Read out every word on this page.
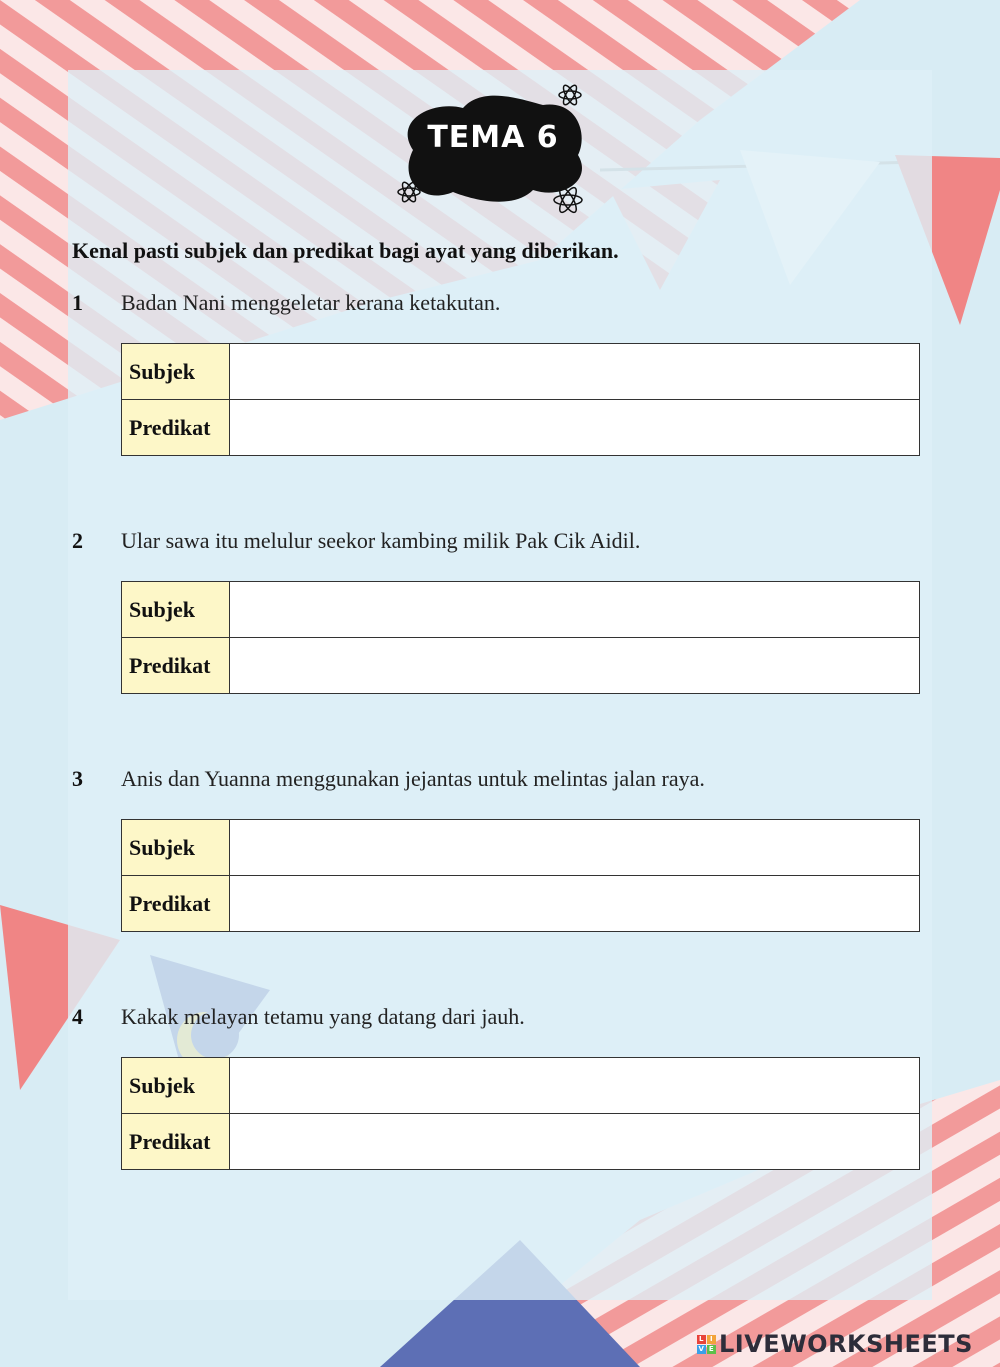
TEMA 6
Kenal pasti subjek dan predikat bagi ayat yang diberikan.
1 Badan Nani menggeletar kerana ketakutan.
Subjek	
Predikat	
2 Ular sawa itu melulur seekor kambing milik Pak Cik Aidil.
Subjek	
Predikat	
3 Anis dan Yuanna menggunakan jejantas untuk melintas jalan raya.
Subjek	
Predikat	
4 Kakak melayan tetamu yang datang dari jauh.
Subjek	
Predikat	
L I
V E LIVEWORKSHEETS
